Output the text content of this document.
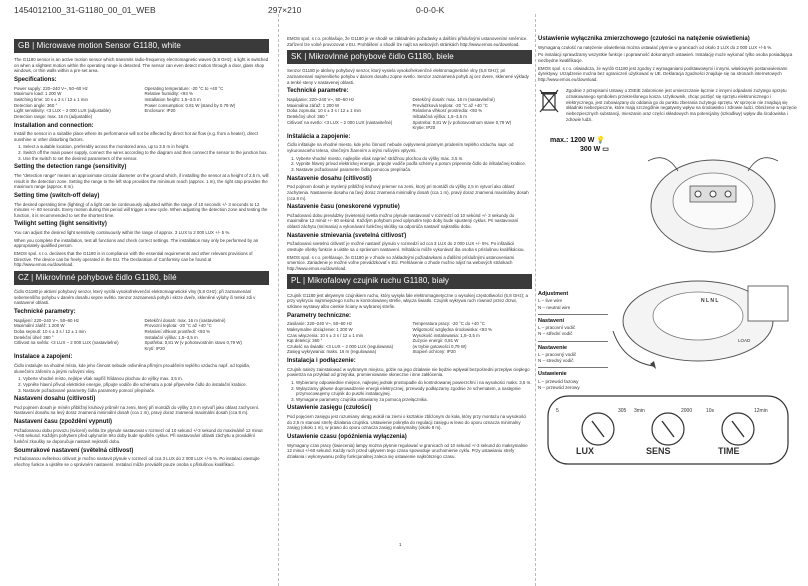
1454012100_31-G1180_00_01_WEB	297×210	0-0-0-K
GB | Microwave motion Sensor G1180, white

The G1180 sensor is an active motion sensor which transmits radio-frequency electromagnetic waves (5.8 GHz); a light is switched on when a slightest motion within the operating range is detected. The sensor can even detect motion through a door, glass shop windows, or thin walls within a pre-set area.

Specifications:
Power supply: 220–240 V~, 50–60 Hz
Maximum load: 1 200 W
Switching time: 10 s ± 3 s / 12 ± 1 min
Detection angle: 360 °
Light sensitivity: <3 LUX – 2 000 LUX (adjustable)
Detection range: max. 16 m (adjustable)
Operating temperature: -20 °C to +40 °C
Relative humidity: <93 %
Installation height: 1.5–3.5 m
Power consumption: 0.81 W (stand by 0.79 W)
Enclosure: IP20
Installation and connection:

Install the sensor in a suitable place where its performance will not be affected by direct hot air flow (e.g. from a heater), direct sunshine or other disturbing factors.

1. Select a suitable location, preferably across the monitored area, up to 3.5 m in height.
2. Switch off the main power supply, connect the wires according to the diagram and then connect the sensor to the junction box.
3. Use the switch to set the desired parameters of the sensor.
Setting the detection range (sensitivity)

The "detection range" means an approximate circular diameter on the ground which, if installing the sensor at a height of 2.5 m, will result in the detection zone. Setting the range to the left stop provides the minimum reach (approx. 1 m), the right stop provides the maximum range (approx. 8 m).

Setting time (switch-off delay)

The desired operating time (lighting) of a light can be continuously adjusted within the range of 10 seconds +/- 3 seconds to 12 minutes +/- 60 seconds. Every motion during this period will trigger a new cycle. When adjusting the detection zone and testing the function, it is recommended to set the shortest time.

Twilight setting (light sensitivity)

You can adjust the desired light sensitivity continuously within the range of approx. 3 LUX to 2 000 LUX +/- 5 %.

When you complete the installation, test all functions and check correct settings. The installation may only be performed by an appropriately qualified person.

EMOS spol. s r.o. declares that the G1180 is in compliance with the essential requirements and other relevant provisions of Directive. The device can be freely operated in the EU. The Declaration of Conformity can be found at http://www.emos.eu/download.

CZ | Mikrovlnné pohybové čidlo G1180, bílé

Čidlo G1180 je aktivní pohybový senzor, který vysílá vysokofrekvenční elektromagnetické vlny (5,8 GHz); při zaznamenání sebemenšího pohybu v daném dosahu sepne světlo. Senzor zaznamená pohyb i skrze dveře, skleněné výlohy či tenké zdi v nastavené oblasti.

Technické parametry:
Napájení: 220–240 V~, 50–60 Hz
Maximální zátěž: 1 200 W
Doba sepnutí: 10 s ± 3 s / 12 ± 1 min
Detekční úhel: 360 °
Citlivost na světlo: <3 LUX – 2 000 LUX (nastavitelné)
Detekční dosah: max. 16 m (nastavitelné)
Provozní teplota: -20 °C až +40 °C
Relativní vlhkost prostředí: <93 %
Instalační výška: 1,5–3,5 m
Spotřeba: 0,81 W (v pohotovostním stavu 0,79 W)
Krytí: IP20
Instalace a zapojení:

Čidlo instalujte na vhodné místo, kde jeho činnost nebude ovlivněna přímým prouděním teplého vzduchu např. od topidla, slunečním zářením a jinými rušivými vlivy.

1. Vyberte vhodné místo, nejlépe však napříč hlídanou plochou do výšky max. 3,5 m.
2. Vypněte hlavní přívod elektrické energie, připojte vodiče dle schématu a poté připevněte čidlo do instalační krabice.
3. Nastavte požadované parametry čidla parametry pomocí přepínače.
Nastavení dosahu (citlivosti)

Pod pojmem dosah je míněn přibližný kruhový průměr na zemi, který při montáži do výšky 2,5 m vytvoří jako oblast zachycení. Nastavení dosahu na levý doraz znamená minimální dosah (cca 1 m), pravý doraz znamená maximální dosah (cca 8 m).

Nastavení času (zpoždění vypnutí)

Požadovanou dobu provozu (svícení) světla lze plynule nastavovat v rozmezí od 10 sekund +/-3 sekund do maximálně 12 minut +/-60 sekund. Každým pohybem před uplynutím této doby bude spuštěn cyklus. Při nastavování oblasti záchytu a provádění funkční zkoušky se doporučuje nastavit nejkratší dobu.

Soumrakové nastavení (světelná citlivost)

Požadovanou světelnou citlivost je možno nastavit plynule v rozmezí od cca 3 LUX do 2 000 LUX +/-5 %. Po instalaci otestujte všechny funkce a ujistěte se o správném nastavení. Instalaci může provádět pouze osoba s příslušnou kvalifikací.

EMOS spol. s r.o. prohlašuje, že G1180 je ve shodě se základními požadavky a dalšími příslušnými ustanoveními směrnice. Zařízení lze volně provozovat v EU. Prohlášení o shodě lze najít na webových stránkách http://www.emos.eu/download.

SK | Mikrovlnné pohybové čidlo G1180, biele

Senzor G1180 je aktívny pohybový senzor, ktorý vysiela vysokofrekvenčné elektromagnetické vlny (5,8 GHz); pri zaznamenaní najmenšieho pohybu v danom dosahu zopne svetlo. Senzor zaznamená pohyb aj cez dvere, sklenené výklady a tenké steny v nastavenej oblasti.

Technické parametre:
Napájanie: 220–240 V~, 50–60 Hz
Maximálna záťaž: 1 200 W
Doba zopnutia: 10 s ± 3 s / 12 ± 1 min
Detekčný uhol: 360 °
Citlivosť na svetlo: <3 LUX – 2 000 LUX (nastaviteľné)
Detekčný dosah: max. 16 m (nastaviteľné)
Prevádzková teplota: -20 °C až +40 °C
Relatívna vlhkosť prostredia: <93 %
Inštalačná výška: 1,5–3,5 m
Spotreba: 0,81 W (v pohotovostnom stave 0,79 W)
Krytie: IP20
Inštalácia a zapojenie:

Čidlo inštalujte na vhodné miesto, kde jeho činnosť nebude ovplyvnená priamym prúdením teplého vzduchu napr. od vykurovacieho telesa, slnečným žiarením a inými rušivými vplyvmi.

1. Vyberte vhodné miesto, najlepšie však naprieč strážnou plochou do výšky max. 3,5 m.
2. Vypnite hlavný prívod elektrickej energie, pripojte vodiče podľa schémy a potom pripevnite čidlo do inštalačnej krabice.
3. Nastavte požadované parametre čidla pomocou prepínača.
Nastavenie dosahu (citlivosti)

Pod pojmom dosah je myslený približný kruhový priemer na zemi, ktorý pri montáži do výšky 2,5 m vytvorí ako oblasť zachytenia. Nastavenie dosahu na ľavý doraz znamená minimálny dosah (cca 1 m), pravý doraz znamená maximálny dosah (cca 8 m).

Nastavenie času (oneskorené vypnutie)

Požadovanú dobu prevádzky (svietenia) svetla možno plynule nastavovať v rozmedzí od 10 sekúnd +/- 3 sekundy do maximálne 12 minút +/- 60 sekúnd. Každým pohybom pred uplynutím tejto doby bude spustený cyklus. Pri nastavovaní oblasti záchytu (snímania) a vykonávaní funkčnej skúšky sa odporúča nastaviť najkratšiu dobu.

Nastavenie stmievania (svetelná citlivosť)

Požadovanú svetelnú citlivosť je možné nastaviť plynulo v rozmedzí od cca 3 LUX do 2 000 LUX +/- 5%. Po inštalácii otestujte všetky funkcie a uistite sa o správnom nastavení. Inštaláciu môže vykonávať iba osoba s príslušnou kvalifikáciou.

EMOS spol. s r.o. prehlasuje, že G1180 je v zhode so základnými požiadavkami a ďalšími príslušnými ustanoveniami smernice. Zariadenie je možné voľne prevádzkovať v EÚ. Prehlásenie o zhode možno nájsť na webových stránkach http://www.emos.eu/download.

PL | Mikrofalowy czujnik ruchu G1180, biały

Czujnik G1180 jest aktywnym czujnikiem ruchu, który wysyła fale elektromagnetyczne o wysokiej częstotliwości (5,8 GHz); a przy wykryciu najmniejszego ruchu w kontrolowanej strefie, włącza światło. Czujnik wykrywa ruch również przez drzwi, szklane wystawy albo cienkie ściany w wybranej strefie.

Parametry techniczne:
Zasilanie: 220–240 V~, 50–60 Hz
Maksymalne obciążenie: 1 200 W
Czas włączenia: 10 s ± 3 s / 12 ± 1 min
Kąt detekcji: 360 °
Czułość na światło: <3 LUX – 2 000 LUX (regulowana)
Zasięg wykrywania: maks. 16 m (regulowana)
Temperatura pracy: -20 °C do +40 °C
Wilgotność względna środowiska: <93 %
Wysokość instalowania: 1,5–3,5 m
Zużycie energii: 0,81 W
(w trybie gotowości 0,79 W)
Stopień ochrony: IP20
Instalacja i podłączenie:

Czujnik należy zainstalować w wybranym miejscu, gdzie na jego działanie nie będzie wpływał bezpośredni przepływ ciepłego powietrza na przykład od grzejnika, promieniowanie słoneczne i inne zakłócenia.

1. Wybieramy odpowiednie miejsce, najlepiej jednak prostopadle do kontrolowanej powierzchni i na wysokości maks. 3,5 m.
2. Wyłączamy główne doprowadzenie energii elektrycznej, przewody podłączamy zgodnie ze schematem, a następnie przymocowujemy czujnik do puszki instalacyjnej.
3. Wymagane parametry czujnika ustawiamy za pomocą przełącznika.
Ustawienie zasięgu (czułości)

Pod pojęciem zasięgu jest rozumiany okrąg wokół na ziemi o kształcie zbliżonym do koła, który przy montażu na wysokości do 2,5 m stanowi strefę działania czujnika. Ustawienie pokrętła do regulacji zasięgu w lewo do oporu oznacza minimalny zasięg (około 1 m), w prawo do oporu oznacza zasięg maksymalny (około 8 m).

Ustawienie czasu (opóźnienia wyłączenia)

Wymagany czas pracy (świecenia) lampy można płynnie regulować w granicach od 10 sekund +/-3 sekund do maksymalnie 12 minut +/-60 sekund. Każdy ruch przed upływem tego czasu spowoduje uruchomienie cyklu. Przy ustawianiu strefy działania i wykonywaniu próby funkcjonalnej zaleca się ustawienie najkrótszego czasu.

1
Ustawienie wyłącznika zmierzchowego (czułości na natężenie oświetlenia)

Wymaganą czułość na natężenie oświetlenia można ustawiać płynnie w granicach od około 3 LUX do 2 000 LUX +/-5 %.

Po instalacji sprawdzamy wszystkie funkcje i poprawność dokonanych ustawień. Instalację może wykonać tylko osoba posiadająca niezbędne kwalifikacje.

EMOS spol. s r.o. oświadcza, że wyrób G1180 jest zgodny z wymaganiami podstawowymi i innymi, właściwymi postanowieniami dyrektywy. Urządzenie można bez ograniczeń użytkować w UE. Deklaracja zgodności znajduje się na stronach internetowych http://www.emos.eu/download.

Zgodnie z przepisami Ustawy o ZSEiE zabronione jest umieszczanie łącznie z innymi odpadami zużytego sprzętu oznakowanego symbolem przekreślonego kosza. Użytkownik, chcąc pozbyć się sprzętu elektronicznego i elektrycznego, jest zobowiązany do oddania go do punktu zbierania zużytego sprzętu. W sprzęcie nie znajdują się składniki niebezpieczne, które mają szczególnie negatywny wpływ na środowisko i zdrowie ludzi. Obniżenie w sprzęcie niebezpiecznych substancji, mieszanin oraz części składowych ma potencjalny (szkodliwy) wpływ dla środowiska i zdrowie ludzi.
max.: 1200 W 💡
300 W ▭
N L N L
LOAD
LUX	SENS	TIME
5	305 3min	2000	10s	12min
Adjustment
L – live wire
N – neutral wire
Nastavení
L – pracovní vodič
N – střední vodič
Nastavenie
L – pracovný vodič
N – stredný vodič
Ustawienie
L – przewód fazowy
N – przewód zerowy
